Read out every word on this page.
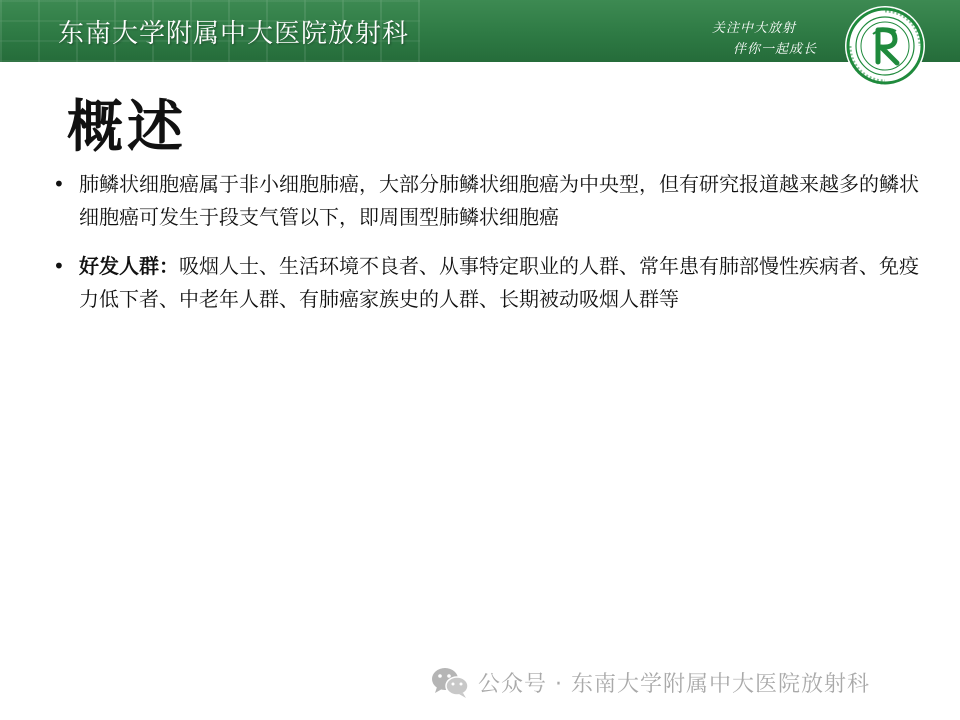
东南大学附属中大医院放射科	关注中大放射
伴你一起成长
概述
• 肺鳞状细胞癌属于非小细胞肺癌，大部分肺鳞状细胞癌为中央型，但有研究报道越来越多的鳞状细胞癌可发生于段支气管以下，即周围型肺鳞状细胞癌
• 好发人群：吸烟人士、生活环境不良者、从事特定职业的人群、常年患有肺部慢性疾病者、免疫力低下者、中老年人群、有肺癌家族史的人群、长期被动吸烟人群等
公众号 · 东南大学附属中大医院放射科
